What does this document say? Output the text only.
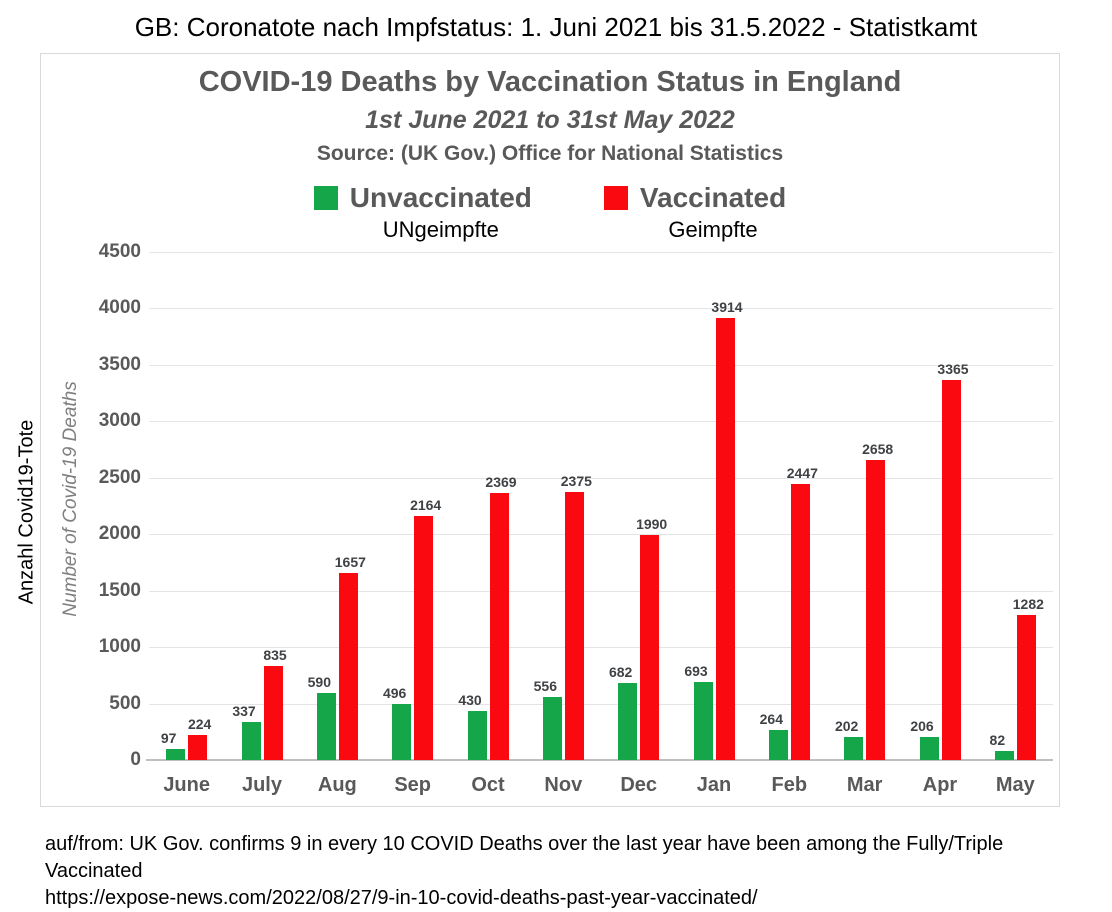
GB: Coronatote nach Impfstatus: 1. Juni 2021 bis 31.5.2022 - Statistkamt
COVID-19 Deaths by Vaccination Status in England
1st June 2021 to 31st May 2022
Source: (UK Gov.) Office for National Statistics
Unvaccinated
UNgeimpfte
Vaccinated
Geimpfte
Number of Covid-19 Deaths
0
500
1000
1500
2000
2500
3000
3500
4000
4500
97
224
June
337
835
July
590
1657
Aug
496
2164
Sep
430
2369
Oct
556
2375
Nov
682
1990
Dec
693
3914
Jan
264
2447
Feb
202
2658
Mar
206
3365
Apr
82
1282
May
Anzahl Covid19-Tote
auf/from: UK Gov. confirms 9 in every 10 COVID Deaths over the last year have been among the Fully/Triple Vaccinated
https://expose-news.com/2022/08/27/9-in-10-covid-deaths-past-year-vaccinated/
